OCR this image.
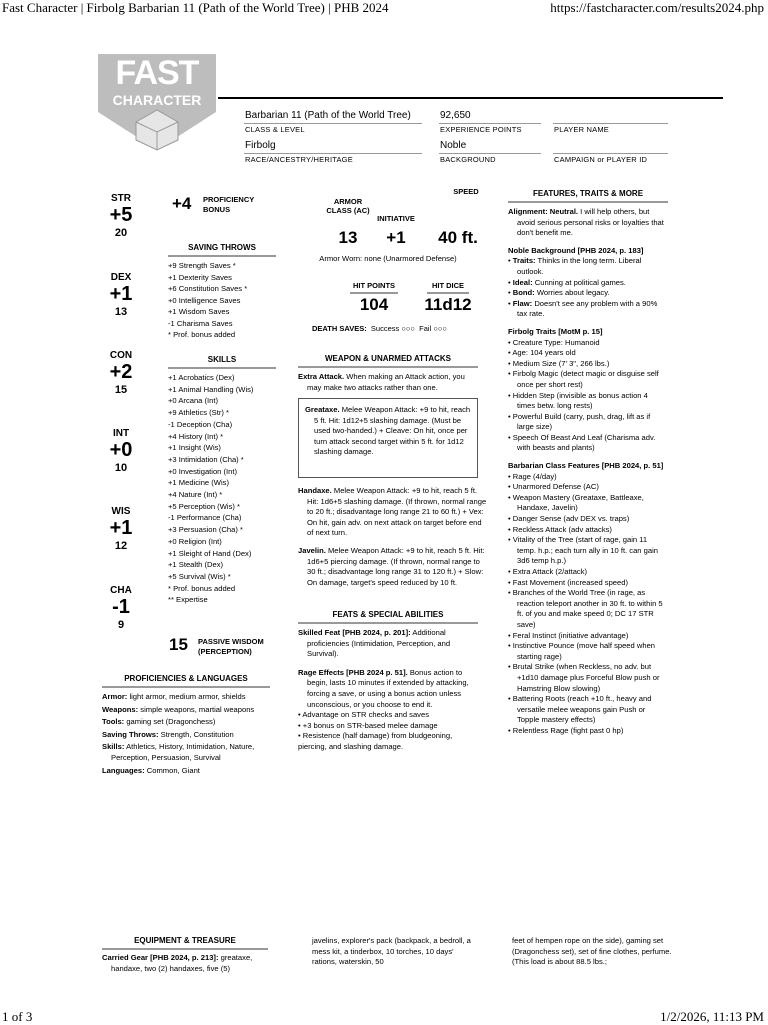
Fast Character | Firbolg Barbarian 11 (Path of the World Tree) | PHB 2024	https://fastcharacter.com/results2024.php
1 of 3	1/2/2026, 11:13 PM
FAST
CHARACTER
Barbarian 11 (Path of the World Tree)
CLASS & LEVEL
92,650
EXPERIENCE POINTS	PLAYER NAME
Firbolg
RACE/ANCESTRY/HERITAGE
Noble
BACKGROUND	CAMPAIGN or PLAYER ID
STR
+5
20
DEX
+1
13
CON
+2
15
INT
+0
10
WIS
+1
12
CHA
-1
9
+4 PROFICIENCY
BONUS
SAVING THROWS
+9 Strength Saves *
+1 Dexterity Saves
+6 Constitution Saves *
+0 Intelligence Saves
+1 Wisdom Saves
-1 Charisma Saves
* Prof. bonus added
SKILLS
+1 Acrobatics (Dex)
+1 Animal Handling (Wis)
+0 Arcana (Int)
+9 Athletics (Str) *
-1 Deception (Cha)
+4 History (Int) *
+1 Insight (Wis)
+3 Intimidation (Cha) *
+0 Investigation (Int)
+1 Medicine (Wis)
+4 Nature (Int) *
+5 Perception (Wis) *
-1 Performance (Cha)
+3 Persuasion (Cha) *
+0 Religion (Int)
+1 Sleight of Hand (Dex)
+1 Stealth (Dex)
+5 Survival (Wis) *
* Prof. bonus added
** Expertise
15 PASSIVE WISDOM
(PERCEPTION)
PROFICIENCIES & LANGUAGES
Armor: light armor, medium armor, shields
Weapons: simple weapons, martial weapons
Tools: gaming set (Dragonchess)
Saving Throws: Strength, Constitution
Skills: Athletics, History, Intimidation, Nature, Perception, Persuasion, Survival
Languages: Common, Giant
ARMOR CLASS (AC)
INITIATIVE
SPEED
13	+1	40 ft.
Armor Worn: none (Unarmored Defense)
HIT POINTS	HIT DICE
104	11d12
DEATH SAVES: Success ○○○ Fail ○○○
WEAPON & UNARMED ATTACKS
Extra Attack. When making an Attack action, you may make two attacks rather than one.
Greataxe. Melee Weapon Attack: +9 to hit, reach 5 ft. Hit: 1d12+5 slashing damage. (Must be used two-handed.) + Cleave: On hit, once per turn attack second target within 5 ft. for 1d12 slashing damage.
Handaxe. Melee Weapon Attack: +9 to hit, reach 5 ft. Hit: 1d6+5 slashing damage. (If thrown, normal range to 20 ft.; disadvantage long range 21 to 60 ft.) + Vex: On hit, gain adv. on next attack on target before end of next turn.
Javelin. Melee Weapon Attack: +9 to hit, reach 5 ft. Hit: 1d6+5 piercing damage. (If thrown, normal range to 30 ft.; disadvantage long range 31 to 120 ft.) + Slow: On damage, target's speed reduced by 10 ft.
FEATS & SPECIAL ABILITIES
Skilled Feat [PHB 2024, p. 201]: Additional proficiencies (Intimidation, Perception, and Survival).
Rage Effects [PHB 2024 p. 51]. Bonus action to begin, lasts 10 minutes if extended by attacking, forcing a save, or using a bonus action unless unconscious, or you choose to end it.
• Advantage on STR checks and saves
• +3 bonus on STR-based melee damage
• Resistence (half damage) from bludgeoning, piercing, and slashing damage.
FEATURES, TRAITS & MORE
Alignment: Neutral. I will help others, but avoid serious personal risks or loyalties that don't benefit me.
Noble Background [PHB 2024, p. 183]
• Traits: Thinks in the long term. Liberal outlook.
• Ideal: Cunning at political games.
• Bond: Worries about legacy.
• Flaw: Doesn't see any problem with a 90% tax rate.
Firbolg Traits [MotM p. 15]
• Creature Type: Humanoid
• Age: 104 years old
• Medium Size (7' 3", 266 lbs.)
• Firbolg Magic (detect magic or disguise self once per short rest)
• Hidden Step (invisible as bonus action 4 times betw. long rests)
• Powerful Build (carry, push, drag, lift as if large size)
• Speech Of Beast And Leaf (Charisma adv. with beasts and plants)
Barbarian Class Features [PHB 2024, p. 51]
• Rage (4/day)
• Unarmored Defense (AC)
• Weapon Mastery (Greataxe, Battleaxe, Handaxe, Javelin)
• Danger Sense (adv DEX vs. traps)
• Reckless Attack (adv attacks)
• Vitality of the Tree (start of rage, gain 11 temp. h.p.; each turn ally in 10 ft. can gain 3d6 temp h.p.)
• Extra Attack (2/attack)
• Fast Movement (increased speed)
• Branches of the World Tree (in rage, as reaction teleport another in 30 ft. to within 5 ft. of you and make speed 0; DC 17 STR save)
• Feral Instinct (initiative advantage)
• Instinctive Pounce (move half speed when starting rage)
• Brutal Strike (when Reckless, no adv. but +1d10 damage plus Forceful Blow push or Hamstring Blow slowing)
• Battering Roots (reach +10 ft., heavy and versatile melee weapons gain Push or Topple mastery effects)
• Relentless Rage (fight past 0 hp)
EQUIPMENT & TREASURE
Carried Gear [PHB 2024, p. 213]: greataxe, handaxe, two (2) handaxes, five (5)
javelins, explorer's pack (backpack, a bedroll, a mess kit, a tinderbox, 10 torches, 10 days' rations, waterskin, 50
feet of hempen rope on the side), gaming set (Dragonchess set), set of fine clothes, perfume. (This load is about 88.5 lbs.;
